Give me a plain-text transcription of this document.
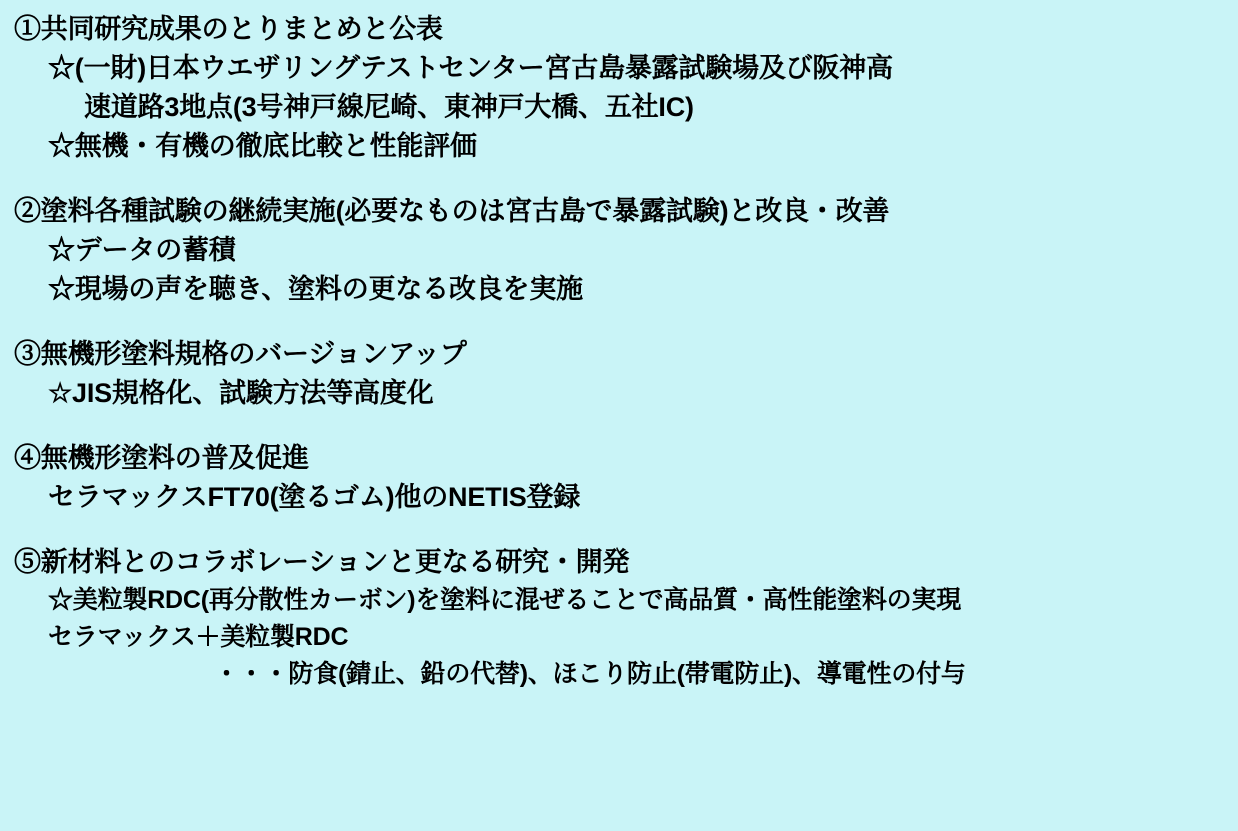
①共同研究成果のとりまとめと公表
☆(一財)日本ウエザリングテストセンター宮古島暴露試験場及び阪神高
速道路3地点(3号神戸線尼崎、東神戸大橋、五社IC)
☆無機・有機の徹底比較と性能評価
②塗料各種試験の継続実施(必要なものは宮古島で暴露試験)と改良・改善
☆データの蓄積
☆現場の声を聴き、塗料の更なる改良を実施
③無機形塗料規格のバージョンアップ
☆JIS規格化、試験方法等高度化
④無機形塗料の普及促進
セラマックスFT70(塗るゴム)他のNETIS登録
⑤新材料とのコラボレーションと更なる研究・開発
☆美粒製RDC(再分散性カーボン)を塗料に混ぜることで高品質・高性能塗料の実現
セラマックス＋美粒製RDC
・・・防食(錆止、鉛の代替)、ほこり防止(帯電防止)、導電性の付与
